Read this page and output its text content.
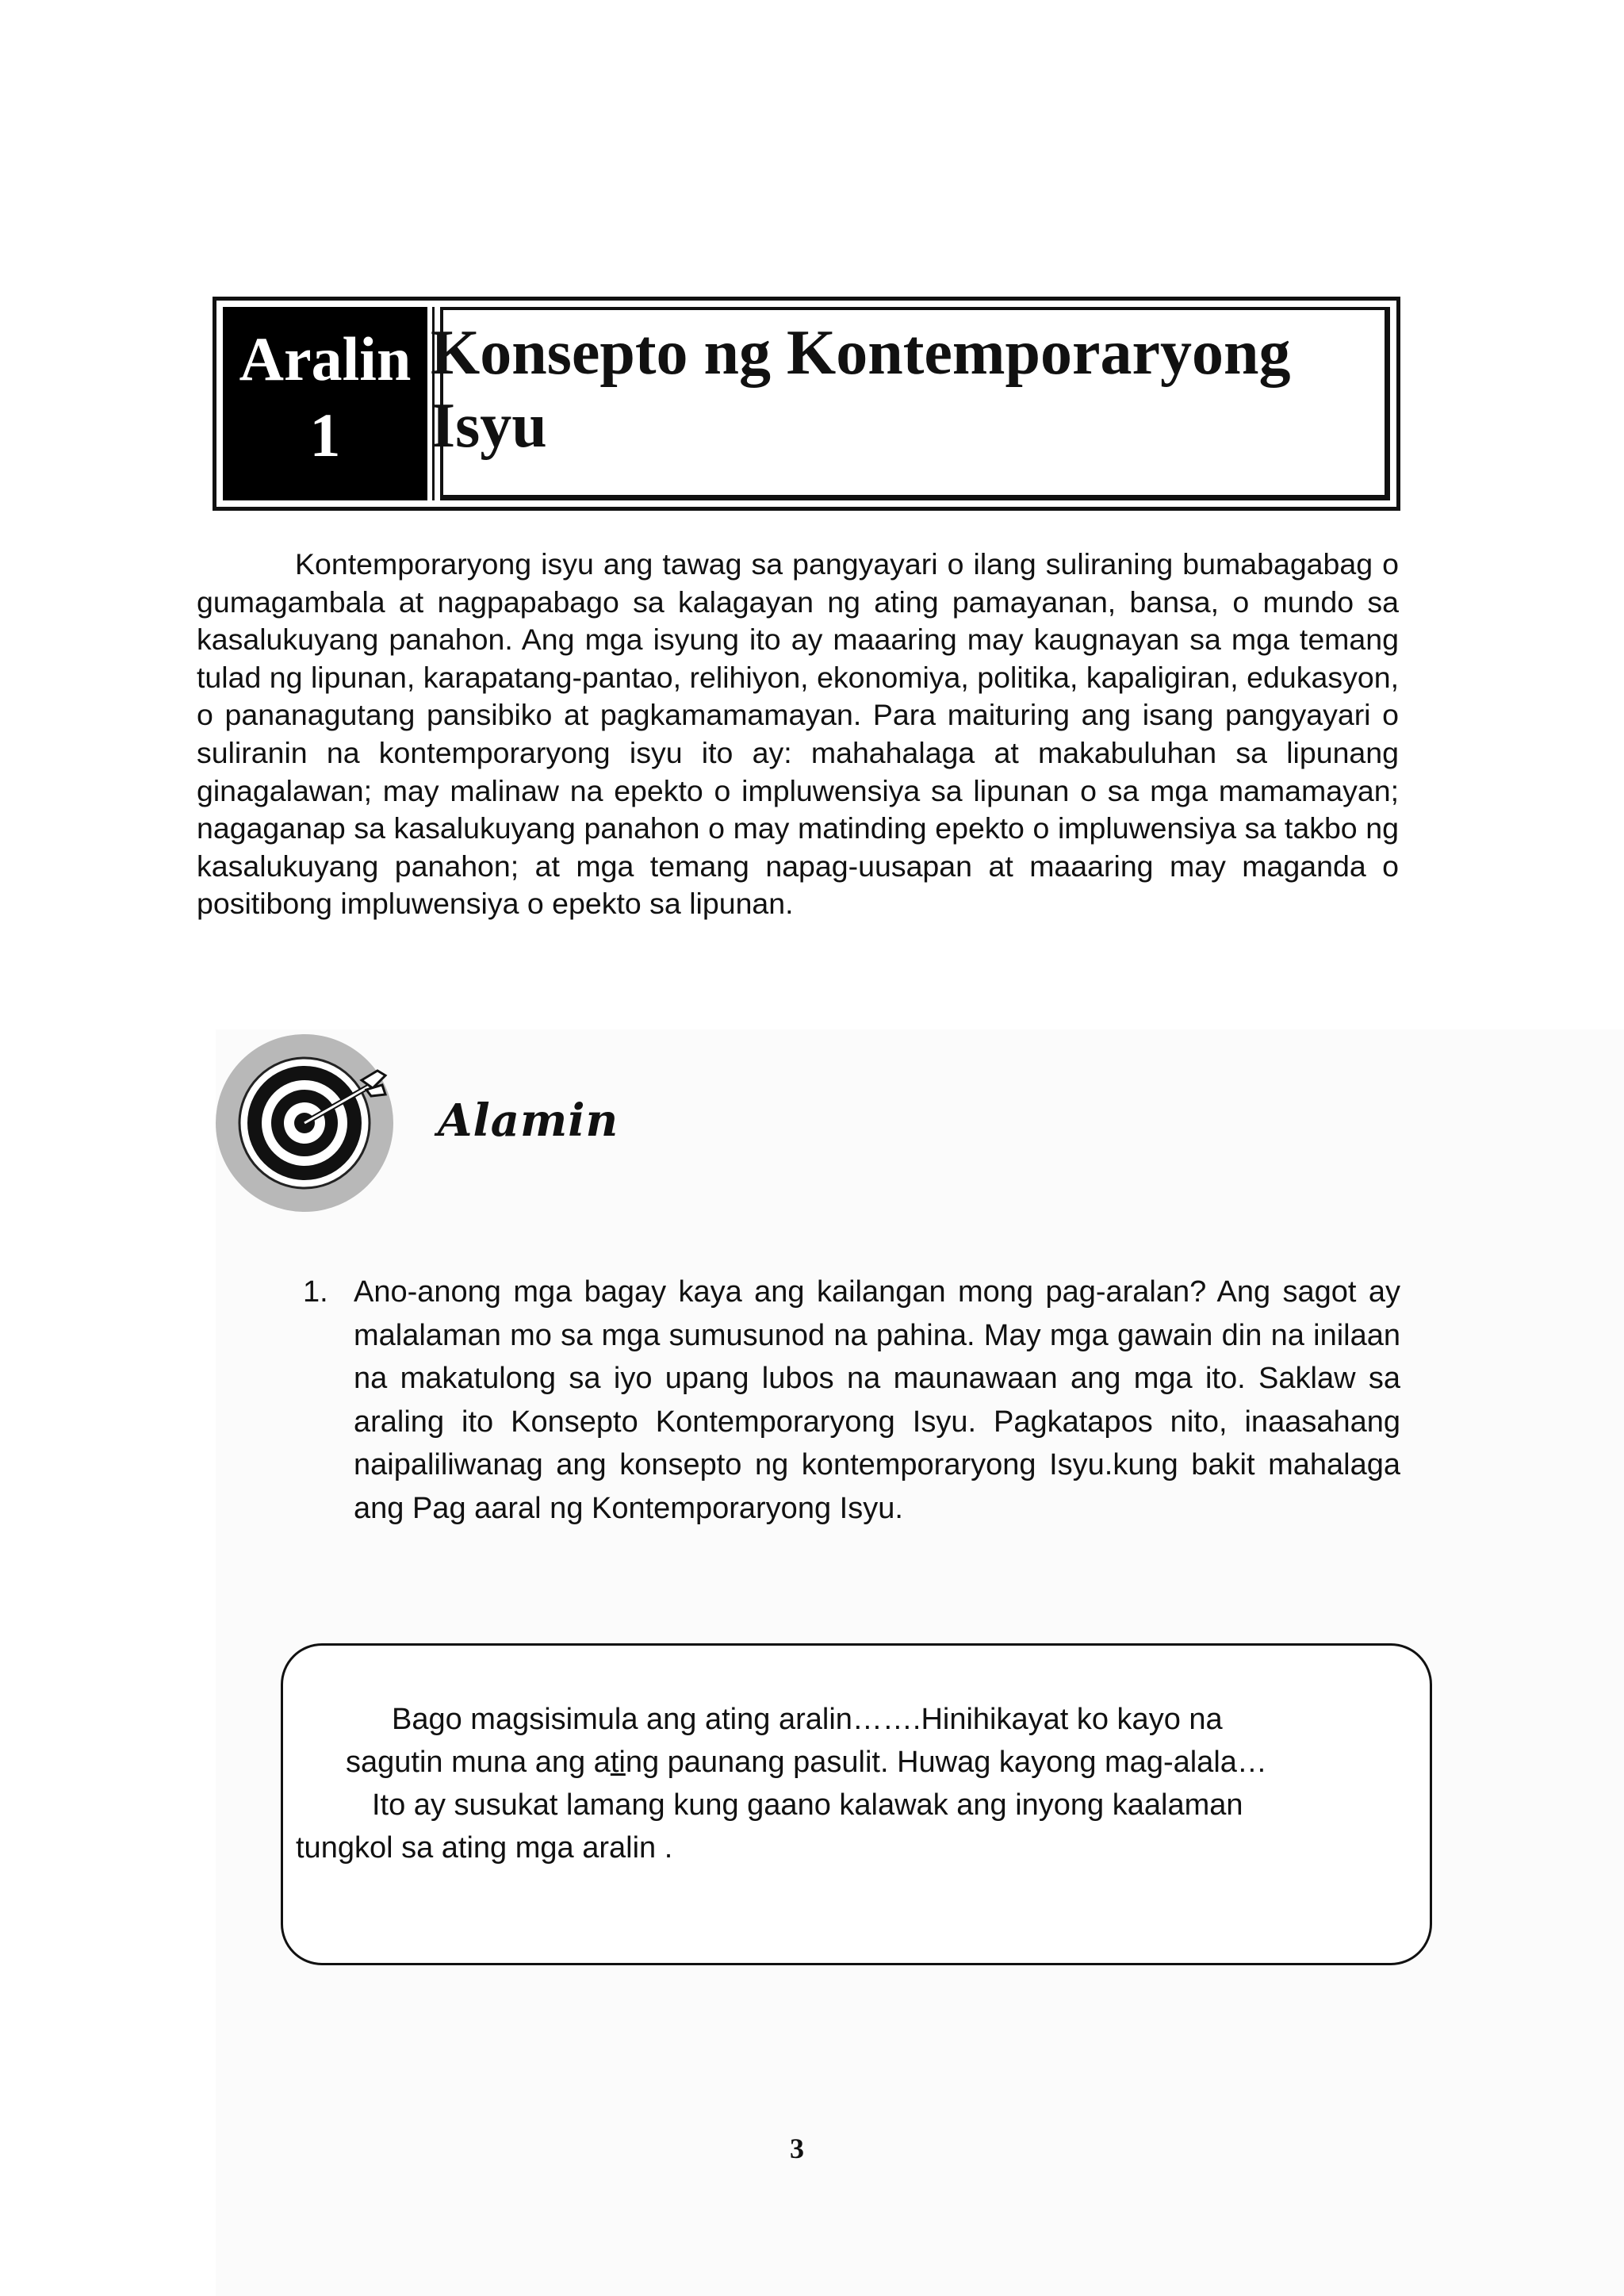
Aralin
1
Konsepto ng Kontemporaryong Isyu

Kontemporaryong isyu ang tawag sa pangyayari o ilang suliraning bumabagabag o gumagambala at nagpapabago sa kalagayan ng ating pamayanan, bansa, o mundo sa kasalukuyang panahon. Ang mga isyung ito ay maaaring may kaugnayan sa mga temang tulad ng lipunan, karapatang-pantao, relihiyon, ekonomiya, politika, kapaligiran, edukasyon, o pananagutang pansibiko at pagkamamamayan. Para maituring ang isang pangyayari o suliranin na kontemporaryong isyu ito ay: mahahalaga at makabuluhan sa lipunang ginagalawan; may malinaw na epekto o impluwensiya sa lipunan o sa mga mamamayan; nagaganap sa kasalukuyang panahon o may matinding epekto o impluwensiya sa takbo ng kasalukuyang panahon; at mga temang napag-uusapan at maaaring may maganda o positibong impluwensiya o epekto sa lipunan.

Alamin
1. Ano-anong mga bagay kaya ang kailangan mong pag-aralan? Ang sagot ay malalaman mo sa mga sumusunod na pahina. May mga gawain din na inilaan na makatulong sa iyo upang lubos na maunawaan ang mga ito. Saklaw sa araling ito Konsepto Kontemporaryong Isyu. Pagkatapos nito, inaasahang naipaliliwanag ang konsepto ng kontemporaryong Isyu.kung bakit mahalaga ang Pag aaral ng Kontemporaryong Isyu.

Bago magsisimula ang ating aralin…….Hinihikayat ko kayo na

sagutin muna ang ating paunang pasulit. Huwag kayong mag-alala…

Ito ay susukat lamang kung gaano kalawak ang inyong kaalaman

tungkol sa ating mga aralin .

3
